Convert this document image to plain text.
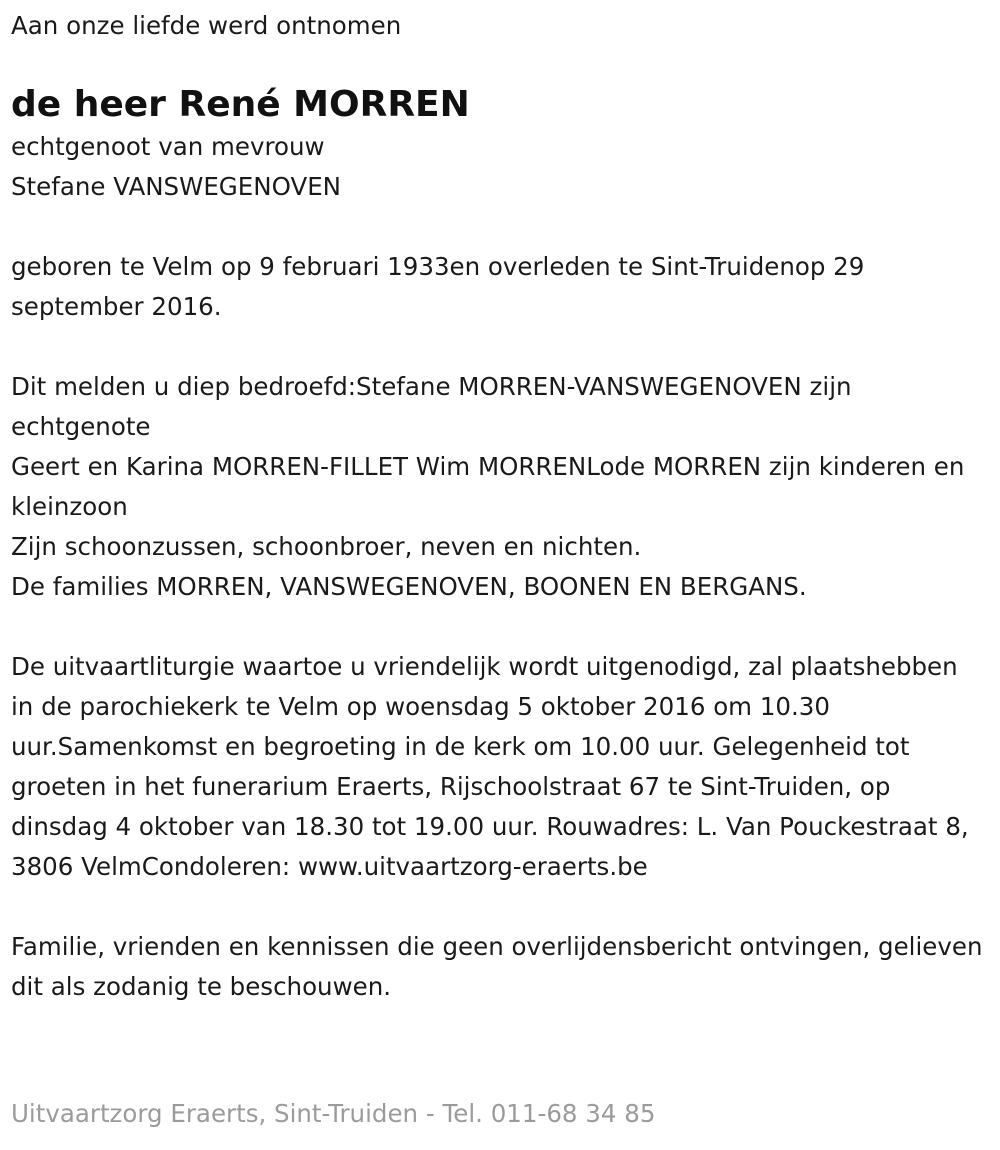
Aan onze liefde werd ontnomen

de heer René MORREN
echtgenoot van mevrouw
Stefane VANSWEGENOVEN

geboren te Velm op 9 februari 1933en overleden te Sint-Truidenop 29 september 2016.

Dit melden u diep bedroefd:Stefane MORREN-VANSWEGENOVEN zijn echtgenote

Geert en Karina MORREN-FILLET Wim MORRENLode MORREN zijn kinderen en kleinzoon

Zijn schoonzussen, schoonbroer, neven en nichten.

De families MORREN, VANSWEGENOVEN, BOONEN EN BERGANS.

De uitvaartliturgie waartoe u vriendelijk wordt uitgenodigd, zal plaatshebben in de parochiekerk te Velm op woensdag 5 oktober 2016 om 10.30 uur.Samenkomst en begroeting in de kerk om 10.00 uur. Gelegenheid tot groeten in het funerarium Eraerts, Rijschoolstraat 67 te Sint-Truiden, op dinsdag 4 oktober van 18.30 tot 19.00 uur. Rouwadres: L. Van Pouckestraat 8, 3806 VelmCondoleren: www.uitvaartzorg-eraerts.be

Familie, vrienden en kennissen die geen overlijdensbericht ontvingen, gelieven dit als zodanig te beschouwen.

Uitvaartzorg Eraerts, Sint-Truiden - Tel. 011-68 34 85
